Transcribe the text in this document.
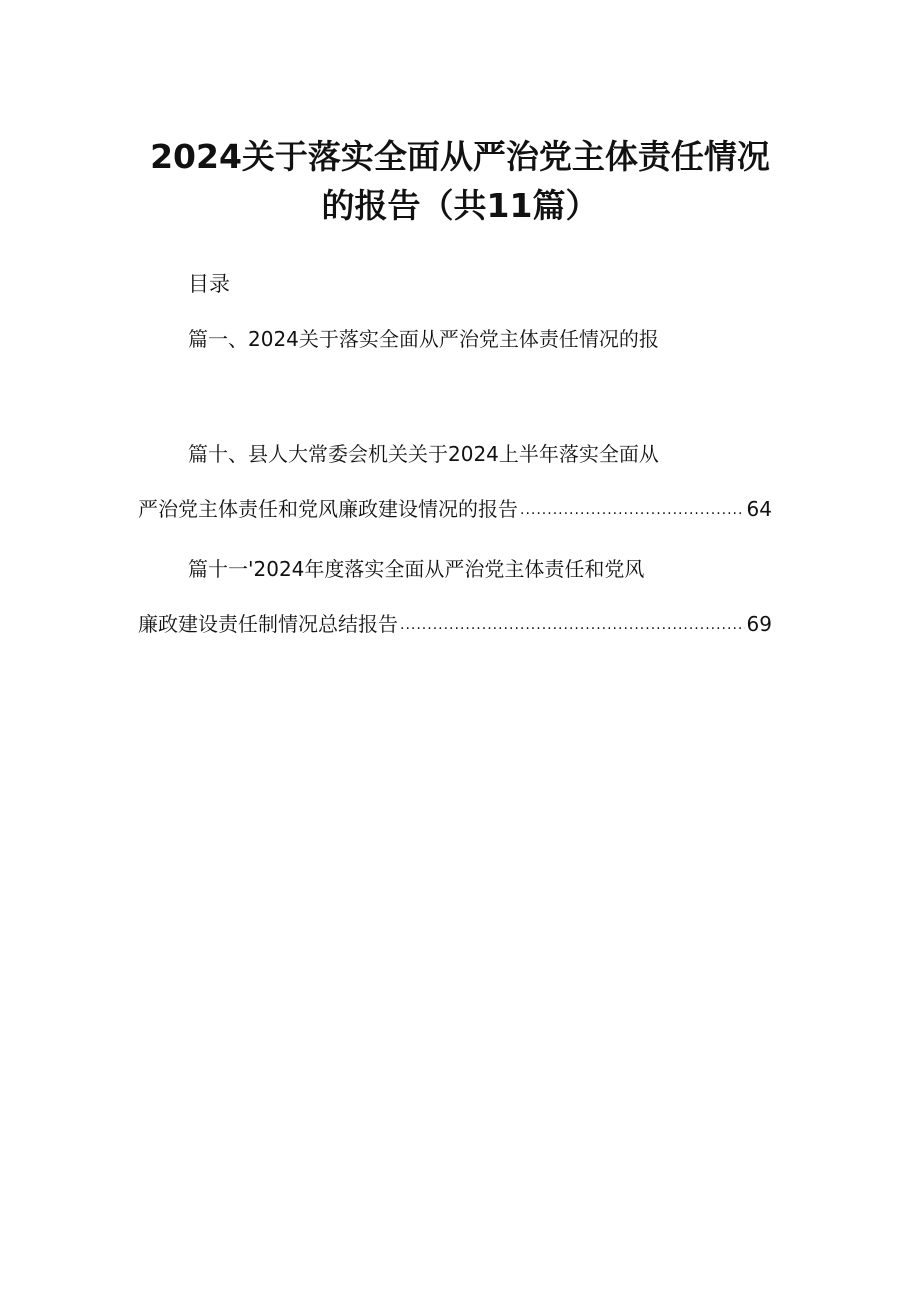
2024关于落实全面从严治党主体责任情况
的报告（共11篇）
目录
篇一、2024关于落实全面从严治党主体责任情况的报
篇十、县人大常委会机关关于2024上半年落实全面从
严治党主体责任和党风廉政建设情况的报告 .....	64
篇十一'2024年度落实全面从严治党主体责任和党风
廉政建设责任制情况总结报告 .....	69
